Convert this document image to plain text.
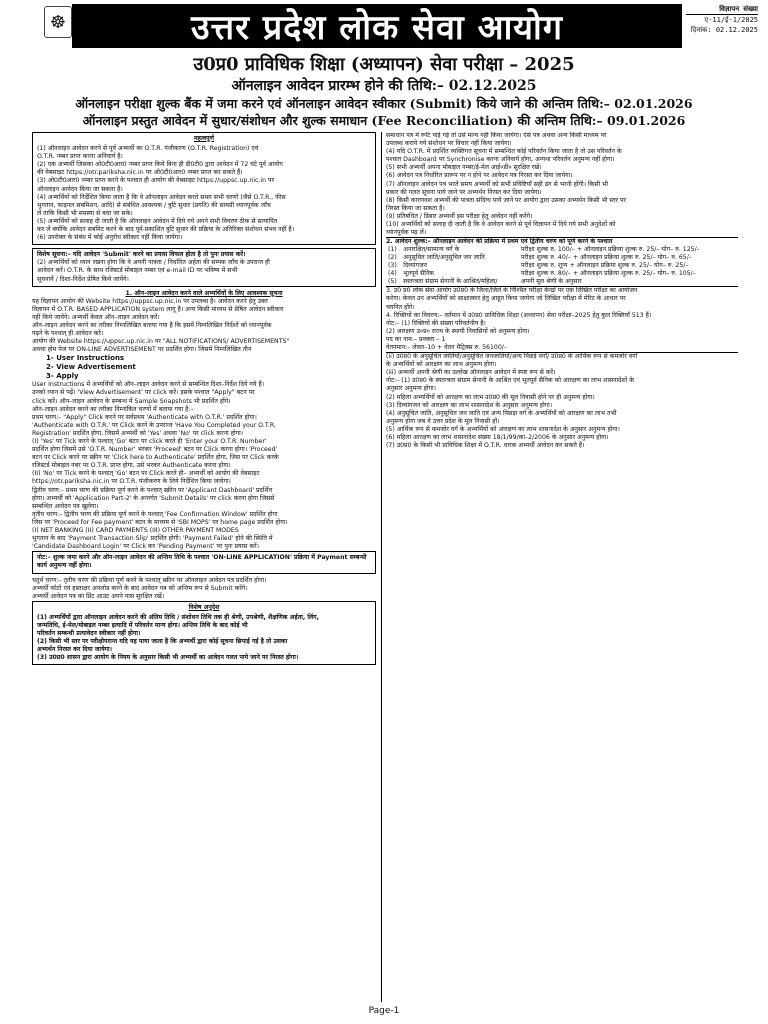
☸	उत्तर प्रदेश लोक सेवा आयोग	विज्ञापन संख्या
ए-11/ई-1/2025
दिनांक: 02.12.2025
उ0प्र0 प्राविधिक शिक्षा (अध्यापन) सेवा परीक्षा – 2025
ऑनलाइन आवेदन प्रारम्भ होने की तिथि:– 02.12.2025
ऑनलाइन परीक्षा शुल्क बैंक में जमा करने एवं ऑनलाइन आवेदन स्वीकार (Submit) किये जाने की अन्तिम तिथि:– 02.01.2026
ऑनलाइन प्रस्तुत आवेदन में सुधार/संशोधन और शुल्क समाधान (Fee Reconciliation) की अन्तिम तिथि:– 09.01.2026
महत्वपूर्ण

(1) ऑनलाइन आवेदन करने से पूर्व अभ्यर्थी का O.T.R. पंजीकरण (O.T.R. Registration) एवं

O.T.R. नम्बर प्राप्त करना अनिवार्य है।

(2) एक अभ्यर्थी जिसका ओ0टी0आर0 नम्बर प्राप्त किये बिना ही डी0टी0 द्वारा आवेदन में 72 घंटे पूर्व आयोग

की वेबसाइट https://otr.pariksha.nic.in पर ओ0टी0आर0 नम्बर प्राप्त कर सकते हैं।

(3) ओ0टी0आर0 नम्बर प्राप्त करने के पश्चात ही आयोग की वेबसाइट https://uppsc.up.nic.in पर

ऑनलाइन आवेदन किया जा सकता है।

(4) अभ्यर्थियों को निर्देशित किया जाता है कि वे ऑनलाइन आवेदन करते समय सभी चरणों (जैसे O.T.R., फीस

भुगतान, फाइनल सबमिशन, आदि) से संबंधित आवश्यक / त्रुटि सुधार (प्रगति) की सामग्री ध्यानपूर्वक जाँच

लें ताकि किसी भी समस्या से बचा जा सके।

(5) अभ्यर्थियों को सलाह दी जाती है कि ऑनलाइन आवेदन में दिये गये अपने सभी विवरण ठीक से सत्यापित

कर लें क्योंकि आवेदन सबमिट करने के बाद पूर्व-प्रकाशित त्रुटि सुधार की प्रक्रिया के अतिरिक्त संशोधन संभव नहीं है।

(6) उपरोक्त के संबंध में कोई अनुरोध स्वीकार नहीं किया जायेगा।

विशेष सूचना:– यदि आवेदन 'Submit' करने का प्रयास विफल होता है तो पुनः प्रयास करें।

(2) अभ्यर्थियों को ध्यान रखना होगा कि वे अपनी पात्रता / निर्धारित अर्हता की सम्यक जाँच के उपरान्त ही

आवेदन करें। O.T.R. के साथ रजिस्टर्ड मोबाइल नम्बर एवं e-mail ID पर भविष्य में सभी

सूचनायें / दिशा-निर्देश प्रेषित किये जायेंगे।

1. ऑन–लाइन आवेदन करने वाले अभ्यर्थियों के लिए आवश्यक सूचना

यह विज्ञापन आयोग की Website https://uppsc.up.nic.in पर उपलब्ध है। आवेदन करने हेतु उक्त

विज्ञापन में O.T.R. BASED APPLICATION system लागू है। अन्य किसी माध्यम से प्रेषित आवेदन स्वीकार

नहीं किये जायेंगे। अभ्यर्थी केवल ऑन–लाइन आवेदन करें।

ऑन–लाइन आवेदन करने का तरीका निम्नलिखित बताया गया है कि इसमें निम्नलिखित निर्देशों को ध्यानपूर्वक

पढ़ने के पश्चात् ही आवेदन करें।

आयोग की Website https://uppsc.up.nic.in पर "ALL NOTIFICATIONS/ ADVERTISEMENTS"

अथवा होम पेज पर ON-LINE ADVERTISEMENT पर प्रदर्शित होगा। जिसमें निम्नलिखित तीन

1- User Instructions

2- View Advertisement

3- Apply

User Instructions में अभ्यर्थियों को ऑन–लाइन आवेदन करने से सम्बन्धित दिशा–निर्देश दिये गये हैं।

उनको ध्यान से पढ़ें। 'View Advertisement' पर click करें। इसके पश्चात "Apply" बटन पर

click करें। ऑन–लाइन आवेदन के सम्बन्ध में Sample Snapshots भी प्रदर्शित होंगे।

ऑन–लाइन आवेदन करने का तरीका निम्नांकित चरणों में बताया गया है:–

प्रथम चरण:– "Apply" Click करने पर सर्वप्रथम 'Authenticate with O.T.R.' प्रदर्शित होगा।

'Authenticate with O.T.R.' पर Click करने के उपरान्त 'Have You Completed your O.T.R.

Registration' प्रदर्शित होगा, जिसमें अभ्यर्थी को 'Yes' अथवा 'No' पर click करना होगा।

(I) 'Yes' पर Tick करने के पश्चात् 'Go' बटन पर click करते ही 'Enter your O.T.R. Number'

प्रदर्शित होगा जिसमें उसे 'O.T.R. Number' भरकर 'Proceed' बटन पर Click करना होगा। 'Proceed'

बटन पर Click करने पर स्क्रीन पर 'Click here to Authenticate' प्रदर्शित होगा, जिस पर Click करके

रजिस्टर्ड मोबाइल नंबर पर O.T.R. प्राप्त होगा, उसे भरकर Authenticate करना होगा।

(II) 'No' पर Tick करने के पश्चात् 'Go' बटन पर Click करते ही– अभ्यर्थी को आयोग की वेबसाइट

https://otr.pariksha.nic.in पर O.T.R. पंजीकरण के लिये निर्देशित किया जायेगा।

द्वितीय चरण:– प्रथम चरण की प्रक्रिया पूर्ण करने के पश्चात् स्क्रीन पर 'Applicant Dashboard' प्रदर्शित

होगा। अभ्यर्थी को 'Application Part-2' के अन्तर्गत 'Submit Details' पर click करना होगा जिससे

सम्बन्धित आवेदन पत्र खुलेगा।

तृतीय चरण:– द्वितीय चरण की प्रक्रिया पूर्ण करने के पश्चात् 'Fee Confirmation Window' प्रदर्शित होगा

जिस पर 'Proceed for Fee payment' बटन के माध्यम से 'SBI MOPS' पर home page प्रदर्शित होगा।

(I) NET BANKING (II) CARD PAYMENTS (III) OTHER PAYMENT MODES

भुगतान के बाद 'Payment Transaction Slip' प्रदर्शित होगी। 'Payment Failed' होने की स्थिति में

'Candidate Dashboard Login' पर Click कर 'Pending Payment' पर पुनः प्रयास करें।

नोट:– शुल्क जमा करने और ऑन-लाइन आवेदन की अन्तिम तिथि के पश्चात 'ON-LINE APPLICATION' प्रक्रिया में Payment सम्बन्धी कार्य अनुमन्य नहीं होगा।

चतुर्थ चरण:– तृतीय चरण की प्रक्रिया पूर्ण करने के पश्चात् स्क्रीन पर ऑनलाइन आवेदन पत्र प्रदर्शित होगा।

अभ्यर्थी फोटो एवं हस्ताक्षर अपलोड करने के बाद आवेदन पत्र को अन्तिम रूप से Submit करेंगे।

अभ्यर्थी आवेदन पत्र का प्रिंट आउट अपने पास सुरक्षित रखें।

विशेष अनुदेश

(1) अभ्यर्थियों द्वारा ऑनलाइन आवेदन करने की अंतिम तिथि / संशोधन तिथि तक ही श्रेणी, उपश्रेणी, शैक्षणिक अर्हता, लिंग,

जन्मतिथि, ई-मेल/मोबाइल नम्बर इत्यादि में परिवर्तन मान्य होगा। अन्तिम तिथि के बाद कोई भी

परिवर्तन सम्बन्धी प्रत्यावेदन स्वीकार नहीं होगा।

(2) किसी भी स्तर पर परीक्षोपरान्त यदि यह पाया जाता है कि अभ्यर्थी द्वारा कोई सूचना छिपाई गई है तो उसका

अभ्यर्थन निरस्त कर दिया जायेगा।

(3) उ0प्र0 शासन द्वारा आयोग के नियम के अनुसार किसी भी अभ्यर्थी का आवेदन गलत पाये जाने पर निरस्त होगा।

समाधान पत्र में रूटि पाई गई तो उसे मान्य नहीं किया जायेगा। ऐसे पत्र अथवा अन्य किसी माध्यम पर

उपलब्ध कराये गये संशोधन पर विचार नहीं किया जायेगा।

(4) यदि O.T.R. में प्रदर्शित व्यक्तिगत सूचना में सम्बन्धित कोई परिवर्तन किया जाता है तो उस परिवर्तन के

पश्चात Dashboard पर Synchronise करना अनिवार्य होगा, अन्यथा परिवर्तन अनुमन्य नहीं होगा।

(5) सभी अभ्यर्थी अपना मोबाइल नम्बर/ई-मेल आई०डी० सुरक्षित रखें।

(6) आवेदन पत्र निर्धारित प्रारूप पर न होने पर आवेदन पत्र निरस्त कर दिया जायेगा।

(7) ऑनलाइन आवेदन पत्र भरते समय अभ्यर्थी को सभी प्रविष्टियाँ सही ढंग से भरनी होंगी। किसी भी

प्रकार की गलत सूचना पाये जाने पर अभ्यर्थन निरस्त कर दिया जायेगा।

(8) किसी कारणवश अभ्यर्थी की पात्रता संदिग्ध पाये जाने पर आयोग द्वारा उसका अभ्यर्थन किसी भी स्तर पर

निरस्त किया जा सकता है।

(9) प्रतिबंधित / डिबार अभ्यर्थी इस परीक्षा हेतु आवेदन नहीं करेंगे।

(10) अभ्यर्थियों को सलाह दी जाती है कि वे आवेदन करने से पूर्व विज्ञापन में दिये गये सभी अनुदेशों को

ध्यानपूर्वक पढ़ लें।

2. आवेदन शुल्क:– ऑनलाइन आवेदन की प्रक्रिया में प्रथम एवं द्वितीय चरण को पूर्ण करने के पश्चात

(1)	अनारक्षित/सामान्य वर्ग के	परीक्षा शुल्क रु. 100/– + ऑनलाइन प्रक्रिया शुल्क रु. 25/– योग– रु. 125/–
(2)	अनुसूचित जाति/अनुसूचित जन जाति	परीक्षा शुल्क रु. 40/– + ऑनलाइन प्रक्रिया शुल्क रु. 25/– योग– रु. 65/–
(3)	दिव्यांगजन	परीक्षा शुल्क रु. शून्य + ऑनलाइन प्रक्रिया शुल्क रु. 25/– योग– रु. 25/–
(4)	भूतपूर्व सैनिक	परीक्षा शुल्क रु. 80/– + ऑनलाइन प्रक्रिया शुल्क रु. 25/– योग– रु. 105/–
(5)	स्वतन्त्रता संग्राम सेनानी के आश्रित/महिला/	अपनी मूल श्रेणी के अनुसार

3. उ0 प्र0 लोक सेवा आयोग उ0प्र0 के जिला/जिले के निश्चित परीक्षा केन्द्रों पर एक लिखित परीक्षा का आयोजन

करेगा। केवल उन अभ्यर्थियों को साक्षात्कार हेतु आहूत किया जायेगा जो लिखित परीक्षा में मेरिट के आधार पर

चयनित होंगे।

4. रिक्तियों का विवरण:– वर्तमान में उ0प्र0 प्राविधिक शिक्षा (अध्यापन) सेवा परीक्षा–2025 हेतु कुल रिक्तियाँ 513 हैं।

नोट:– (1) रिक्तियों की संख्या परिवर्तनीय है।

(2) आरक्षण उ०प्र० राज्य के स्थायी निवासियों को अनुमन्य होगा।

पद का नाम:– प्रवक्ता – 1

वेतनमान:– लेवल–10 + वेतन मैट्रिक्स रु. 56100/–

(ii) उ0प्र0 के अनुसूचित जातियों/अनुसूचित जनजातियों/अन्य पिछड़े वर्गों/ उ0प्र0 के आर्थिक रूप से कमजोर वर्गों

के अभ्यर्थियों को आरक्षण का लाभ अनुमन्य होगा।

(iii) अभ्यर्थी अपनी श्रेणी का उल्लेख ऑनलाइन आवेदन में स्पष्ट रूप से करें।

नोट:– (1) उ0प्र0 के स्वतन्त्रता संग्राम सेनानी के आश्रित एवं भूतपूर्व सैनिक को आरक्षण का लाभ शासनादेशों के

अनुसार अनुमन्य होगा।

(2) महिला अभ्यर्थियों को आरक्षण का लाभ उ0प्र0 की मूल निवासी होने पर ही अनुमन्य होगा।

(3) दिव्यांगजन को आरक्षण का लाभ शासनादेश के अनुसार अनुमन्य होगा।

(4) अनुसूचित जाति, अनुसूचित जन जाति एवं अन्य पिछड़ा वर्ग के अभ्यर्थियों को आरक्षण का लाभ तभी

अनुमन्य होगा जब वे उत्तर प्रदेश के मूल निवासी हों।

(5) आर्थिक रूप से कमजोर वर्ग के अभ्यर्थियों को आरक्षण का लाभ शासनादेश के अनुसार अनुमन्य होगा।

(6) महिला आरक्षण का लाभ शासनादेश संख्या 18/1/99/का–2/2006 के अनुसार अनुमन्य होगा।

(7) उ0प्र0 के किसी भी प्राविधिक शिक्षा में O.T.R. धारक अभ्यर्थी आवेदन कर सकते हैं।

Page-1
